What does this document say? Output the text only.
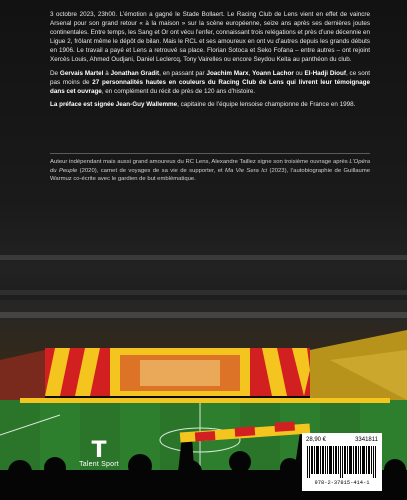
3 octobre 2023, 23h00. L’émotion a gagné le Stade Bollaert. Le Racing Club de Lens vient en effet de vaincre Arsenal pour son grand retour « à la maison » sur la scène européenne, seize ans après ses dernières joutes continentales. Entre temps, les Sang et Or ont vécu l’enfer, connaissant trois relégations et près d’une décennie en Ligue 2, frôlant même le dépôt de bilan. Mais le RCL et ses amoureux en ont vu d’autres depuis les grands débuts en 1906. Le travail a payé et Lens a retrouvé sa place. Florian Sotoca et Seko Fofana – entre autres – ont rejoint Xercès Louis, Ahmed Oudjani, Daniel Leclercq, Tony Vairelles ou encore Seydou Keita au panthéon du club.

De Gervais Martel à Jonathan Gradit, en passant par Joachim Marx, Yoann Lachor ou El-Hadji Diouf, ce sont pas moins de 27 personnalités hautes en couleurs du Racing Club de Lens qui livrent leur témoignage dans cet ouvrage, en complément du récit de près de 120 ans d’histoire.

La préface est signée Jean-Guy Wallemme, capitaine de l’équipe lensoise championne de France en 1998.

Auteur indépendant mais aussi grand amoureux du RC Lens, Alexandre Taillez signe son troisième ouvrage après L’Opéra du Peuple (2020), carnet de voyages de sa vie de supporter, et Ma Vie Sera Ici (2023), l’autobiographie de Guillaume Warmuz co-écrite avec le gardien de but emblématique.
T
Talent Sport
28,90 €	3341811
978-2-37815-414-1
